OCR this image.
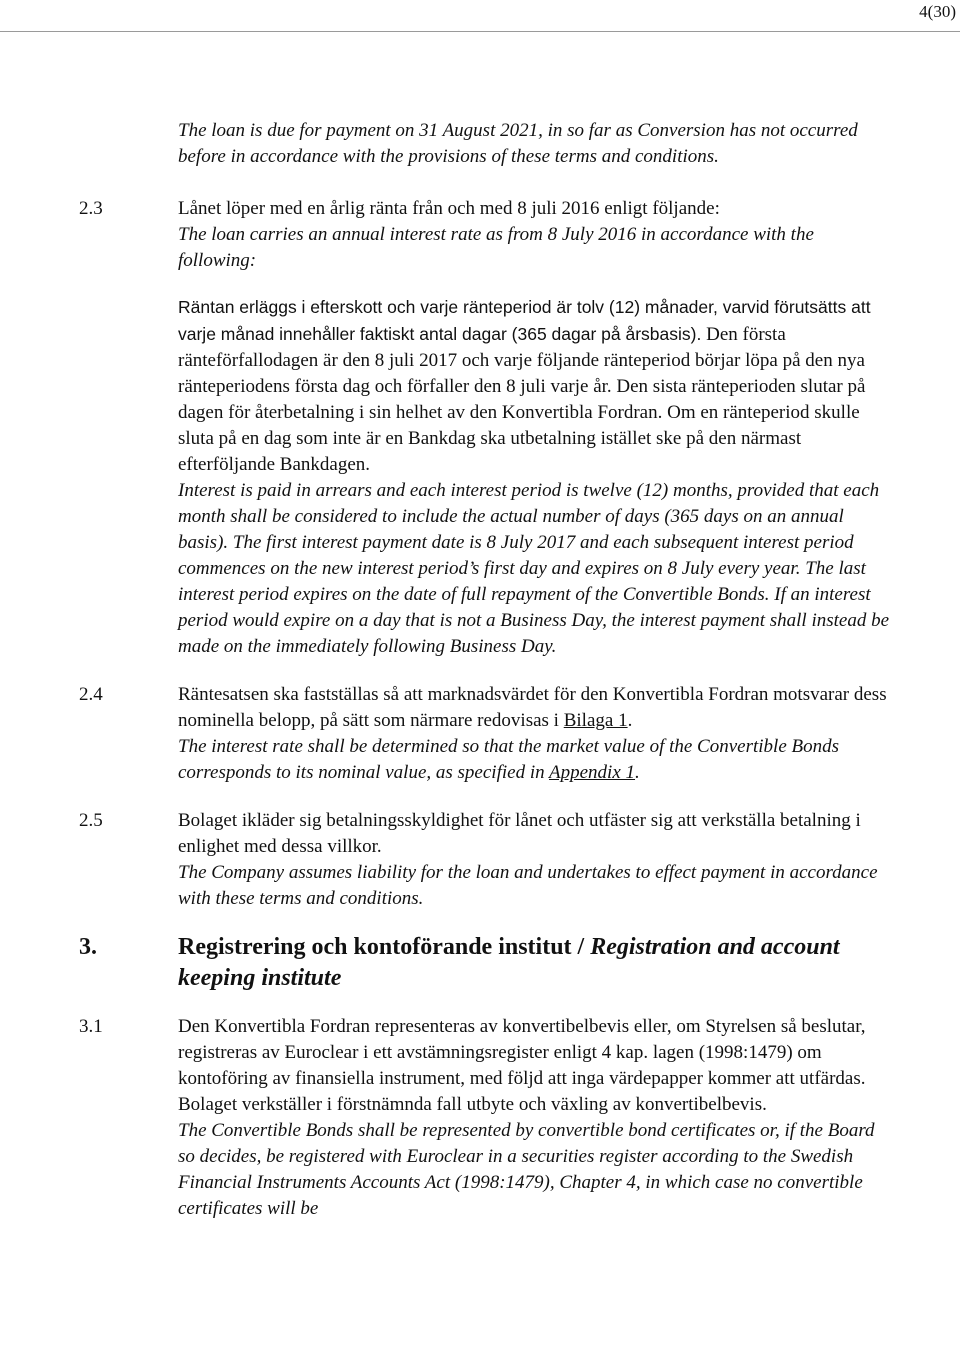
4(30)

The loan is due for payment on 31 August 2021, in so far as Conversion has not occurred before in accordance with the provisions of these terms and conditions.

2.3	Lånet löper med en årlig ränta från och med 8 juli 2016 enligt följande:

The loan carries an annual interest rate as from 8 July 2016 in accordance with the following:

Räntan erläggs i efterskott och varje ränteperiod är tolv (12) månader, varvid förutsätts att varje månad innehåller faktiskt antal dagar (365 dagar på årsbasis). Den första ränteförfallodagen är den 8 juli 2017 och varje följande ränteperiod börjar löpa på den nya ränteperiodens första dag och förfaller den 8 juli varje år. Den sista ränteperioden slutar på dagen för återbetalning i sin helhet av den Konvertibla Fordran. Om en ränteperiod skulle sluta på en dag som inte är en Bankdag ska utbetalning istället ske på den närmast efterföljande Bankdagen.

Interest is paid in arrears and each interest period is twelve (12) months, provided that each month shall be considered to include the actual number of days (365 days on an annual basis). The first interest payment date is 8 July 2017 and each subsequent interest period commences on the new interest period’s first day and expires on 8 July every year. The last interest period expires on the date of full repayment of the Convertible Bonds. If an interest period would expire on a day that is not a Business Day, the interest payment shall instead be made on the immediately following Business Day.

2.4	Räntesatsen ska fastställas så att marknadsvärdet för den Konvertibla Fordran motsvarar dess nominella belopp, på sätt som närmare redovisas i Bilaga 1.

The interest rate shall be determined so that the market value of the Convertible Bonds corresponds to its nominal value, as specified in Appendix 1.

2.5	Bolaget ikläder sig betalningsskyldighet för lånet och utfäster sig att verkställa betalning i enlighet med dessa villkor.

The Company assumes liability for the loan and undertakes to effect payment in accordance with these terms and conditions.

3.	Registrering och kontoförande institut / Registration and account keeping institute
3.1	Den Konvertibla Fordran representeras av konvertibelbevis eller, om Styrelsen så beslutar, registreras av Euroclear i ett avstämningsregister enligt 4 kap. lagen (1998:1479) om kontoföring av finansiella instrument, med följd att inga värdepapper kommer att utfärdas. Bolaget verkställer i förstnämnda fall utbyte och växling av konvertibelbevis.

The Convertible Bonds shall be represented by convertible bond certificates or, if the Board so decides, be registered with Euroclear in a securities register according to the Swedish Financial Instruments Accounts Act (1998:1479), Chapter 4, in which case no convertible certificates will be
